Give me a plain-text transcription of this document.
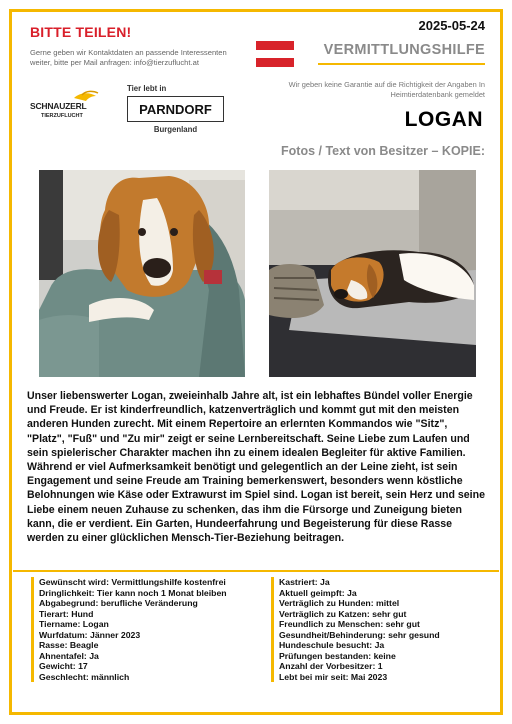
BITTE TEILEN!
Gerne geben wir Kontaktdaten an passende Interessenten weiter, bitte per Mail anfragen: info@tierzuflucht.at
2025-05-24
VERMITTLUNGSHILFE
Wir geben keine Garantie auf die Richtigkeit der Angaben In Heimtierdatenbank gemeldet
SCHNAUZERL
TIERZUFLUCHT
Tier lebt in
PARNDORF
Burgenland	LOGAN
Fotos / Text von Besitzer – KOPIE:
Unser liebenswerter Logan, zweieinhalb Jahre alt, ist ein lebhaftes Bündel voller Energie und Freude. Er ist kinderfreundlich, katzenverträglich und kommt gut mit den meisten anderen Hunden zurecht. Mit einem Repertoire an erlernten Kommandos wie "Sitz", "Platz", "Fuß" und "Zu mir" zeigt er seine Lernbereitschaft. Seine Liebe zum Laufen und sein spielerischer Charakter machen ihn zu einem idealen Begleiter für aktive Familien. Während er viel Aufmerksamkeit benötigt und gelegentlich an der Leine zieht, ist sein Engagement und seine Freude am Training bemerkenswert, besonders wenn köstliche Belohnungen wie Käse oder Extrawurst im Spiel sind. Logan ist bereit, sein Herz und seine Liebe einem neuen Zuhause zu schenken, das ihm die Fürsorge und Zuneigung bieten kann, die er verdient. Ein Garten, Hundeerfahrung und Begeisterung für diese Rasse werden zu einer glücklichen Mensch-Tier-Beziehung beitragen.
Gewünscht wird: Vermittlungshilfe kostenfrei
Dringlichkeit: Tier kann noch 1 Monat bleiben
Abgabegrund: berufliche Veränderung
Tierart: Hund
Tiername: Logan
Wurfdatum: Jänner 2023
Rasse: Beagle
Ahnentafel: Ja
Gewicht: 17
Geschlecht: männlich
Kastriert: Ja
Aktuell geimpft: Ja
Verträglich zu Hunden: mittel
Verträglich zu Katzen: sehr gut
Freundlich zu Menschen: sehr gut
Gesundheit/Behinderung: sehr gesund
Hundeschule besucht: Ja
Prüfungen bestanden: keine
Anzahl der Vorbesitzer: 1
Lebt bei mir seit: Mai 2023
